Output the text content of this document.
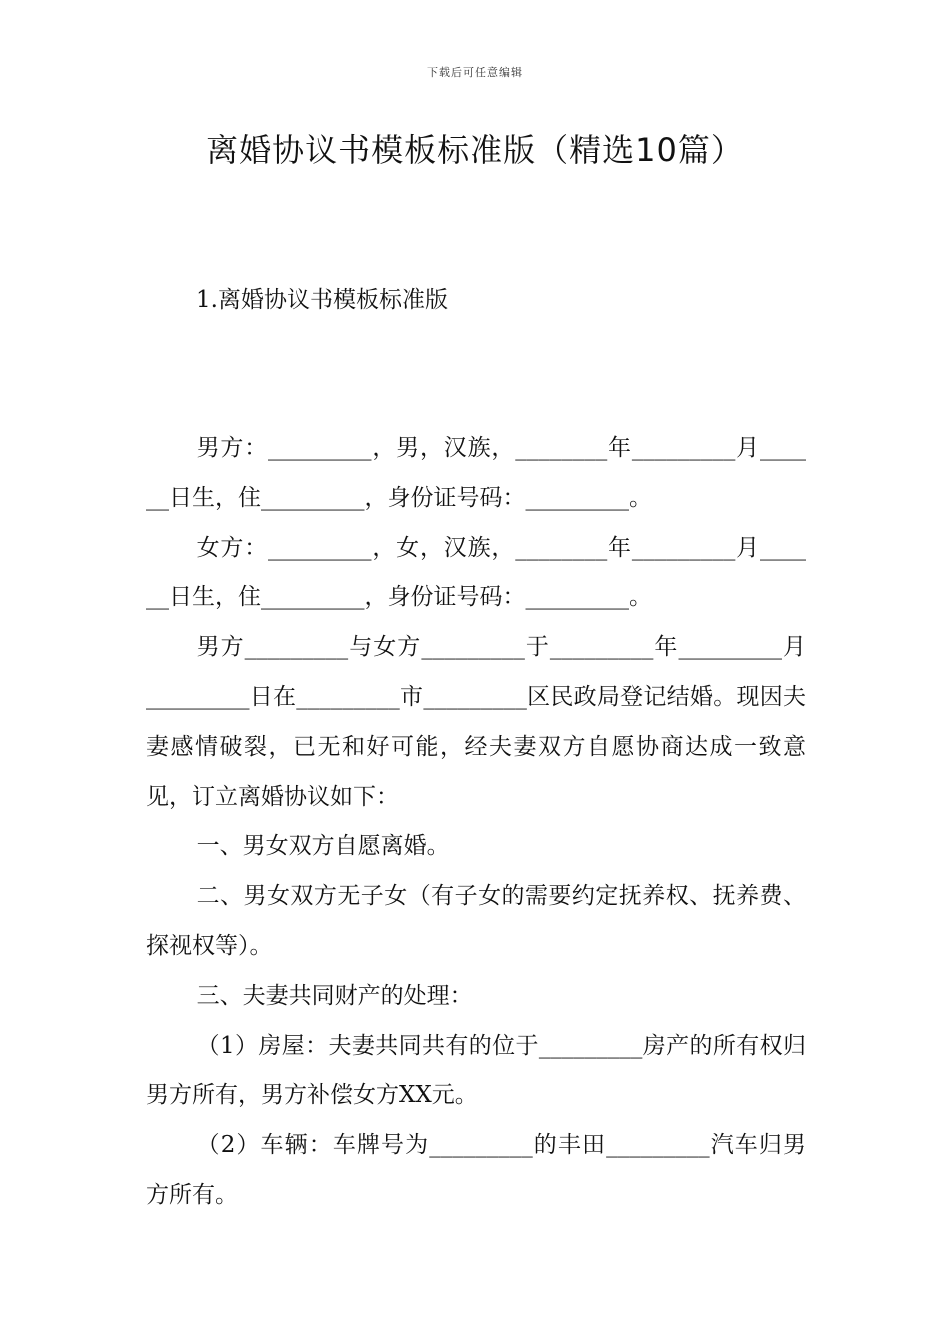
下载后可任意编辑
离婚协议书模板标准版（精选10篇）
1.离婚协议书模板标准版

男方：_________，男，汉族，________年_________月______日生，住_________，身份证号码：_________。

女方：_________，女，汉族，________年_________月______日生，住_________，身份证号码：_________。

男方_________与女方_________于_________年_________月_________日在_________市_________区民政局登记结婚。现因夫妻感情破裂，已无和好可能，经夫妻双方自愿协商达成一致意见，订立离婚协议如下：

一、男女双方自愿离婚。

二、男女双方无子女（有子女的需要约定抚养权、抚养费、探视权等）。

三、夫妻共同财产的处理：

（1）房屋：夫妻共同共有的位于_________房产的所有权归男方所有，男方补偿女方XX元。

（2）车辆：车牌号为_________的丰田_________汽车归男方所有。
